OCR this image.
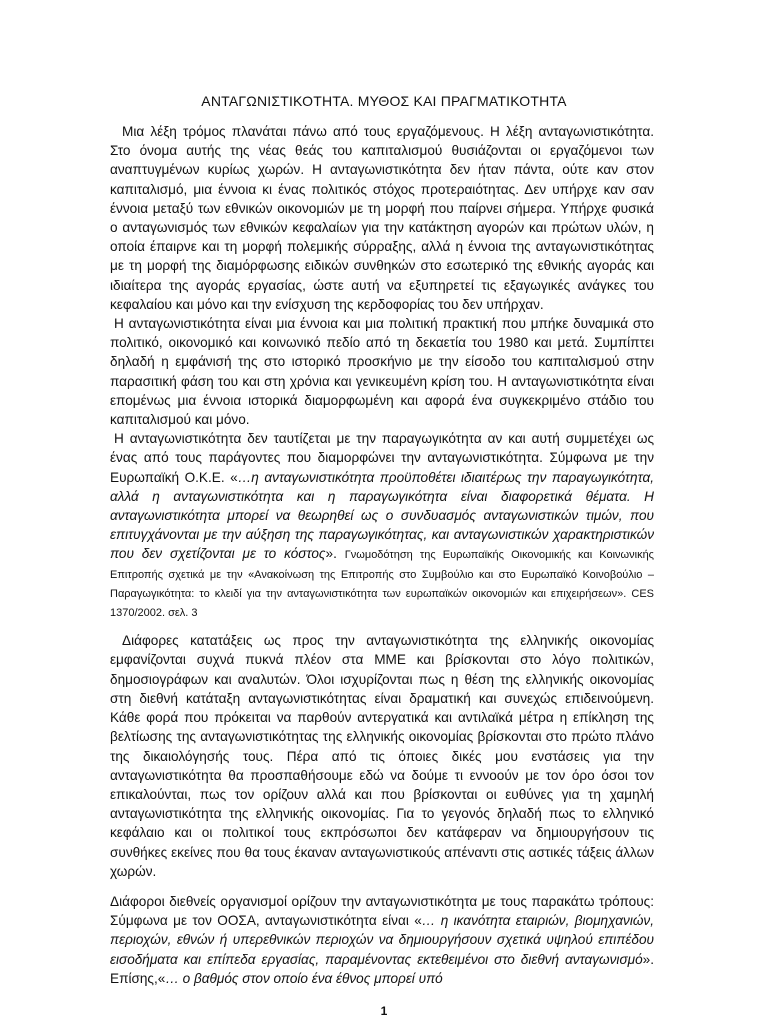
ΑΝΤΑΓΩΝΙΣΤΙΚΟΤΗΤΑ. ΜΥΘΟΣ ΚΑΙ ΠΡΑΓΜΑΤΙΚΟΤΗΤΑ

Μια λέξη τρόμος πλανάται πάνω από τους εργαζόμενους. Η λέξη ανταγωνιστικότητα. Στο όνομα αυτής της νέας θεάς του καπιταλισμού θυσιάζονται οι εργαζόμενοι των αναπτυγμένων κυρίως χωρών. Η ανταγωνιστικότητα δεν ήταν πάντα, ούτε καν στον καπιταλισμό, μια έννοια κι ένας πολιτικός στόχος προτεραιότητας. Δεν υπήρχε καν σαν έννοια μεταξύ των εθνικών οικονομιών με τη μορφή που παίρνει σήμερα. Υπήρχε φυσικά ο ανταγωνισμός των εθνικών κεφαλαίων για την κατάκτηση αγορών και πρώτων υλών, η οποία έπαιρνε και τη μορφή πολεμικής σύρραξης, αλλά η έννοια της ανταγωνιστικότητας με τη μορφή της διαμόρφωσης ειδικών συνθηκών στο εσωτερικό της εθνικής αγοράς και ιδιαίτερα της αγοράς εργασίας, ώστε αυτή να εξυπηρετεί τις εξαγωγικές ανάγκες του κεφαλαίου και μόνο και την ενίσχυση της κερδοφορίας του δεν υπήρχαν.

Η ανταγωνιστικότητα είναι μια έννοια και μια πολιτική πρακτική που μπήκε δυναμικά στο πολιτικό, οικονομικό και κοινωνικό πεδίο από τη δεκαετία του 1980 και μετά. Συμπίπτει δηλαδή η εμφάνισή της στο ιστορικό προσκήνιο με την είσοδο του καπιταλισμού στην παρασιτική φάση του και στη χρόνια και γενικευμένη κρίση του. Η ανταγωνιστικότητα είναι επομένως μια έννοια ιστορικά διαμορφωμένη και αφορά ένα συγκεκριμένο στάδιο του καπιταλισμού και μόνο.

Η ανταγωνιστικότητα δεν ταυτίζεται με την παραγωγικότητα αν και αυτή συμμετέχει ως ένας από τους παράγοντες που διαμορφώνει την ανταγωνιστικότητα. Σύμφωνα με την Ευρωπαϊκή Ο.Κ.Ε. «…η ανταγωνιστικότητα προϋποθέτει ιδιαιτέρως την παραγωγικότητα, αλλά η ανταγωνιστικότητα και η παραγωγικότητα είναι διαφορετικά θέματα. Η ανταγωνιστικότητα μπορεί να θεωρηθεί ως ο συνδυασμός ανταγωνιστικών τιμών, που επιτυγχάνονται με την αύξηση της παραγωγικότητας, και ανταγωνιστικών χαρακτηριστικών που δεν σχετίζονται με το κόστος». Γνωμοδότηση της Ευρωπαϊκής Οικονομικής και Κοινωνικής Επιτροπής σχετικά με την «Ανακοίνωση της Επιτροπής στο Συμβούλιο και στο Ευρωπαϊκό Κοινοβούλιο – Παραγωγικότητα: το κλειδί για την ανταγωνιστικότητα των ευρωπαϊκών οικονομιών και επιχειρήσεων». CES 1370/2002. σελ. 3

Διάφορες κατατάξεις ως προς την ανταγωνιστικότητα της ελληνικής οικονομίας εμφανίζονται συχνά πυκνά πλέον στα ΜΜΕ και βρίσκονται στο λόγο πολιτικών, δημοσιογράφων και αναλυτών. Όλοι ισχυρίζονται πως η θέση της ελληνικής οικονομίας στη διεθνή κατάταξη ανταγωνιστικότητας είναι δραματική και συνεχώς επιδεινούμενη. Κάθε φορά που πρόκειται να παρθούν αντεργατικά και αντιλαϊκά μέτρα η επίκληση της βελτίωσης της ανταγωνιστικότητας της ελληνικής οικονομίας βρίσκονται στο πρώτο πλάνο της δικαιολόγησής τους. Πέρα από τις όποιες δικές μου ενστάσεις για την ανταγωνιστικότητα θα προσπαθήσουμε εδώ να δούμε τι εννοούν με τον όρο όσοι τον επικαλούνται, πως τον ορίζουν αλλά και που βρίσκονται οι ευθύνες για τη χαμηλή ανταγωνιστικότητα της ελληνικής οικονομίας. Για το γεγονός δηλαδή πως το ελληνικό κεφάλαιο και οι πολιτικοί τους εκπρόσωποι δεν κατάφεραν να δημιουργήσουν τις συνθήκες εκείνες που θα τους έκαναν ανταγωνιστικούς απέναντι στις αστικές τάξεις άλλων χωρών.

Διάφοροι διεθνείς οργανισμοί ορίζουν την ανταγωνιστικότητα με τους παρακάτω τρόπους: Σύμφωνα με τον ΟΟΣΑ, ανταγωνιστικότητα είναι «… η ικανότητα εταιριών, βιομηχανιών, περιοχών, εθνών ή υπερεθνικών περιοχών να δημιουργήσουν σχετικά υψηλού επιπέδου εισοδήματα και επίπεδα εργασίας, παραμένοντας εκτεθειμένοι στο διεθνή ανταγωνισμό». Επίσης,«… ο βαθμός στον οποίο ένα έθνος μπορεί υπό

1
